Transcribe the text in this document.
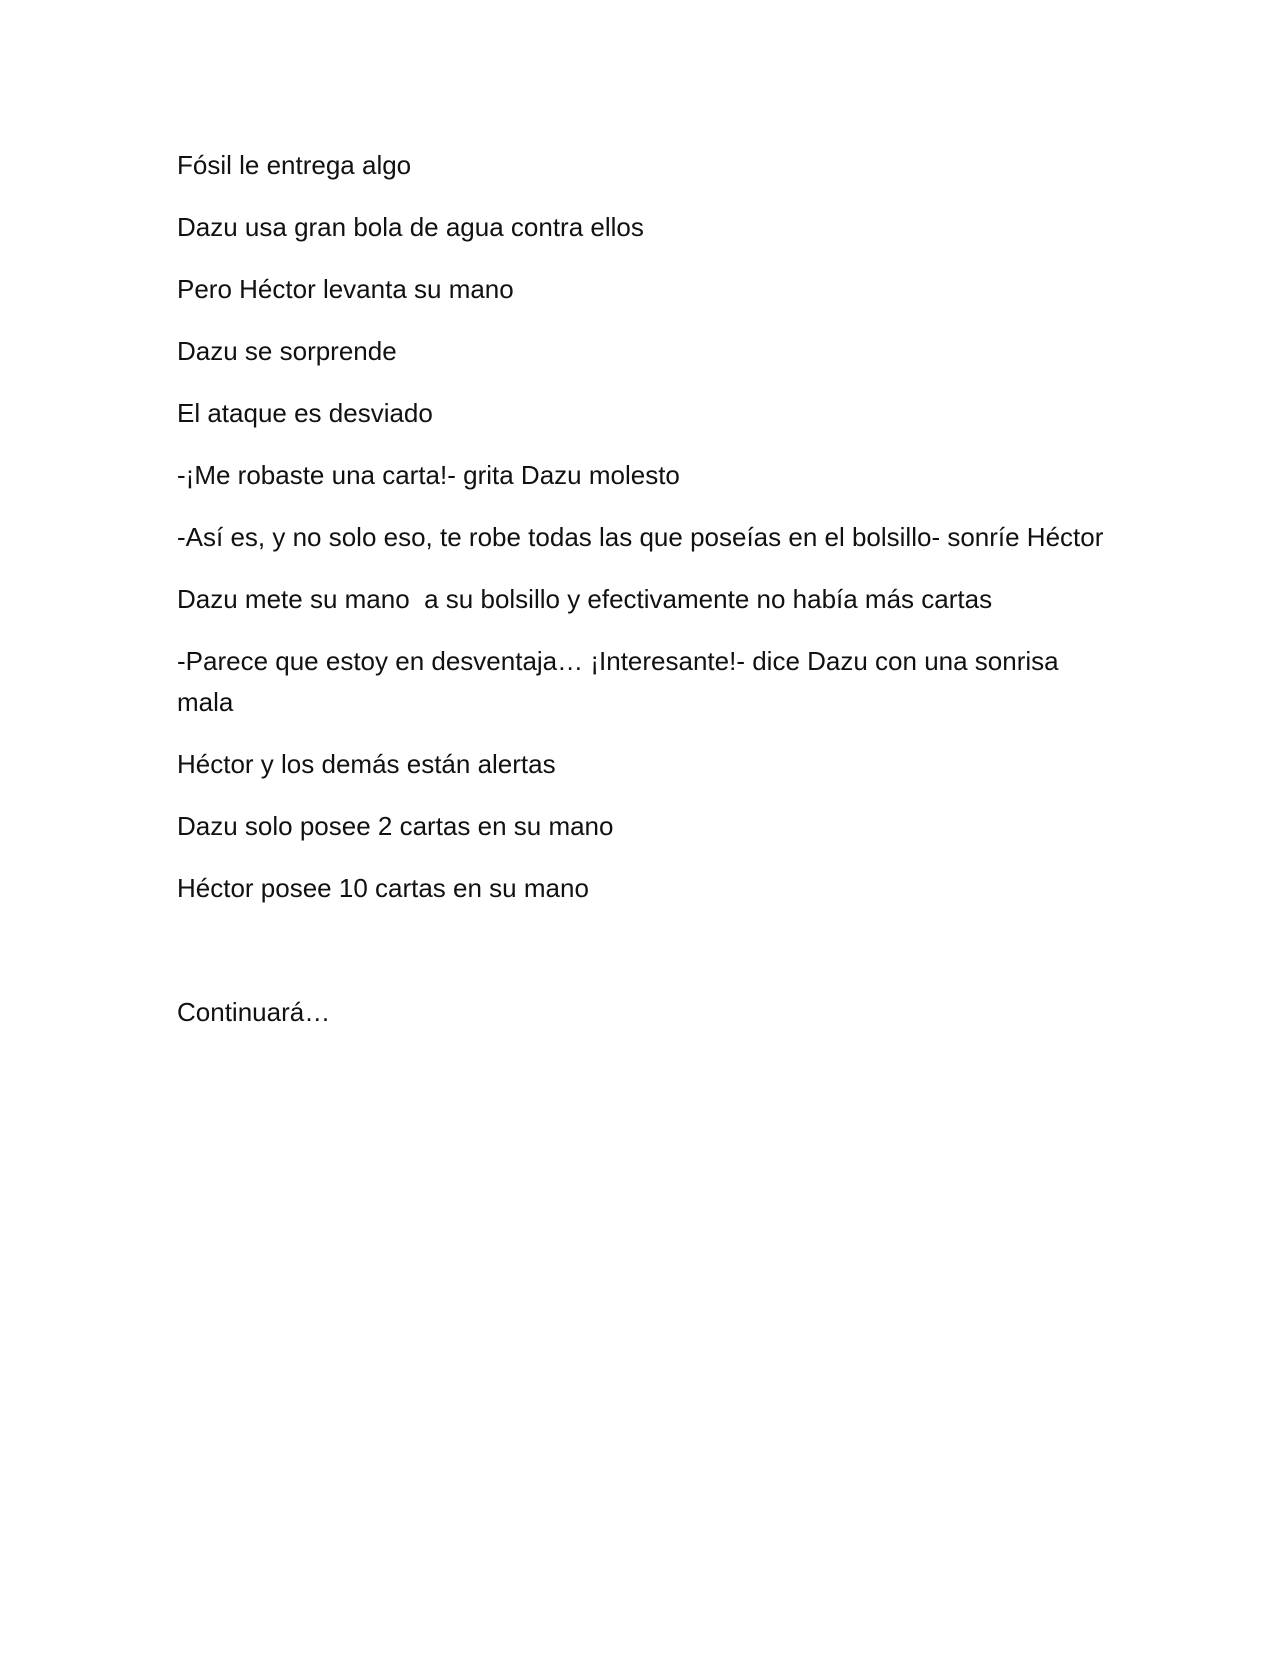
Fósil le entrega algo

Dazu usa gran bola de agua contra ellos

Pero Héctor levanta su mano

Dazu se sorprende

El ataque es desviado

-¡Me robaste una carta!- grita Dazu molesto

-Así es, y no solo eso, te robe todas las que poseías en el bolsillo- sonríe Héctor

Dazu mete su mano  a su bolsillo y efectivamente no había más cartas

-Parece que estoy en desventaja… ¡Interesante!- dice Dazu con una sonrisa mala

Héctor y los demás están alertas

Dazu solo posee 2 cartas en su mano

Héctor posee 10 cartas en su mano

Continuará…
